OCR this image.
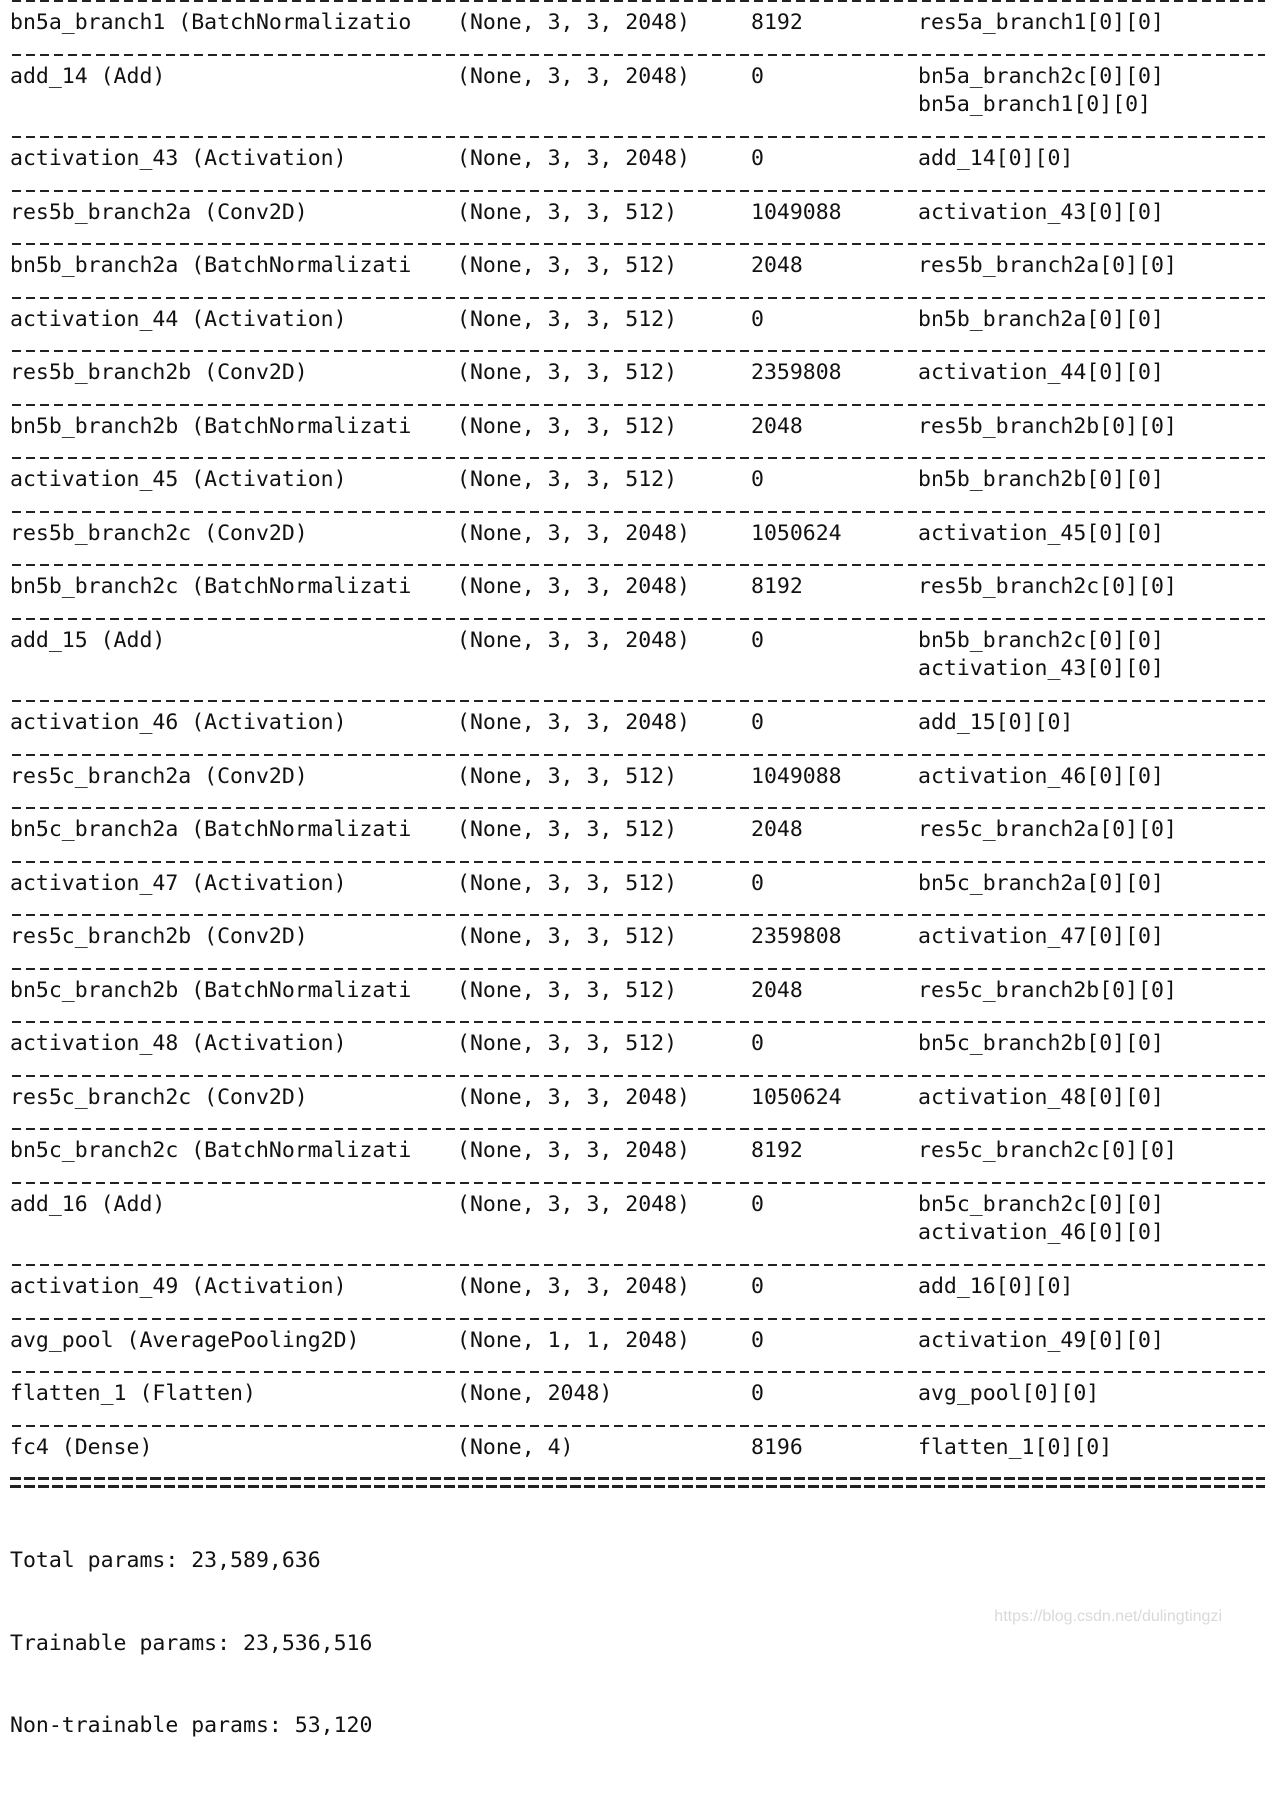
bn5a_branch1 (BatchNormalizatio (None, 3, 3, 2048)	8192	res5a_branch1[0][0]
add_14 (Add)	(None, 3, 3, 2048)	0	bn5a_branch2c[0][0]
bn5a_branch1[0][0]
activation_43 (Activation)	(None, 3, 3, 2048)	0	add_14[0][0]
res5b_branch2a (Conv2D)	(None, 3, 3, 512)	1049088	activation_43[0][0]
bn5b_branch2a (BatchNormalizati (None, 3, 3, 512)	2048	res5b_branch2a[0][0]
activation_44 (Activation)	(None, 3, 3, 512)	0	bn5b_branch2a[0][0]
res5b_branch2b (Conv2D)	(None, 3, 3, 512)	2359808	activation_44[0][0]
bn5b_branch2b (BatchNormalizati (None, 3, 3, 512)	2048	res5b_branch2b[0][0]
activation_45 (Activation)	(None, 3, 3, 512)	0	bn5b_branch2b[0][0]
res5b_branch2c (Conv2D)	(None, 3, 3, 2048)	1050624	activation_45[0][0]
bn5b_branch2c (BatchNormalizati (None, 3, 3, 2048)	8192	res5b_branch2c[0][0]
add_15 (Add)	(None, 3, 3, 2048)	0	bn5b_branch2c[0][0]
activation_43[0][0]
activation_46 (Activation)	(None, 3, 3, 2048)	0	add_15[0][0]
res5c_branch2a (Conv2D)	(None, 3, 3, 512)	1049088	activation_46[0][0]
bn5c_branch2a (BatchNormalizati (None, 3, 3, 512)	2048	res5c_branch2a[0][0]
activation_47 (Activation)	(None, 3, 3, 512)	0	bn5c_branch2a[0][0]
res5c_branch2b (Conv2D)	(None, 3, 3, 512)	2359808	activation_47[0][0]
bn5c_branch2b (BatchNormalizati (None, 3, 3, 512)	2048	res5c_branch2b[0][0]
activation_48 (Activation)	(None, 3, 3, 512)	0	bn5c_branch2b[0][0]
res5c_branch2c (Conv2D)	(None, 3, 3, 2048)	1050624	activation_48[0][0]
bn5c_branch2c (BatchNormalizati (None, 3, 3, 2048)	8192	res5c_branch2c[0][0]
add_16 (Add)	(None, 3, 3, 2048)	0	bn5c_branch2c[0][0]
activation_46[0][0]
activation_49 (Activation)	(None, 3, 3, 2048)	0	add_16[0][0]
avg_pool (AveragePooling2D)	(None, 1, 1, 2048)	0	activation_49[0][0]
flatten_1 (Flatten)	(None, 2048)	0	avg_pool[0][0]
fc4 (Dense)	(None, 4)	8196	flatten_1[0][0]

Total params: 23,589,636

Trainable params: 23,536,516

Non-trainable params: 53,120

https://blog.csdn.net/dulingtingzi
